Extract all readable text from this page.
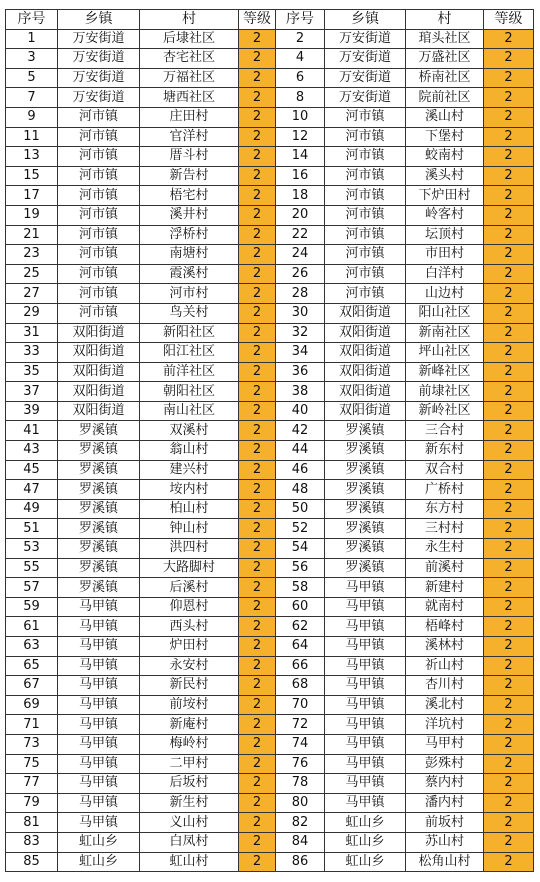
序号	乡镇	村	等级	序号	乡镇	村	等级
1	万安街道	后埭社区	2	2	万安街道	琯头社区	2
3	万安街道	杏宅社区	2	4	万安街道	万盛社区	2
5	万安街道	万福社区	2	6	万安街道	桥南社区	2
7	万安街道	塘西社区	2	8	万安街道	院前社区	2
9	河市镇	庄田村	2	10	河市镇	溪山村	2
11	河市镇	官洋村	2	12	河市镇	下堡村	2
13	河市镇	厝斗村	2	14	河市镇	蛟南村	2
15	河市镇	新告村	2	16	河市镇	溪头村	2
17	河市镇	梧宅村	2	18	河市镇	下炉田村	2
19	河市镇	溪井村	2	20	河市镇	岭客村	2
21	河市镇	浮桥村	2	22	河市镇	坛顶村	2
23	河市镇	南塘村	2	24	河市镇	市田村	2
25	河市镇	霞溪村	2	26	河市镇	白洋村	2
27	河市镇	河市村	2	28	河市镇	山边村	2
29	河市镇	鸟关村	2	30	双阳街道	阳山社区	2
31	双阳街道	新阳社区	2	32	双阳街道	新南社区	2
33	双阳街道	阳江社区	2	34	双阳街道	坪山社区	2
35	双阳街道	前洋社区	2	36	双阳街道	新峰社区	2
37	双阳街道	朝阳社区	2	38	双阳街道	前埭社区	2
39	双阳街道	南山社区	2	40	双阳街道	新岭社区	2
41	罗溪镇	双溪村	2	42	罗溪镇	三合村	2
43	罗溪镇	翁山村	2	44	罗溪镇	新东村	2
45	罗溪镇	建兴村	2	46	罗溪镇	双合村	2
47	罗溪镇	垵内村	2	48	罗溪镇	广桥村	2
49	罗溪镇	柏山村	2	50	罗溪镇	东方村	2
51	罗溪镇	钟山村	2	52	罗溪镇	三村村	2
53	罗溪镇	洪四村	2	54	罗溪镇	永生村	2
55	罗溪镇	大路脚村	2	56	罗溪镇	前溪村	2
57	罗溪镇	后溪村	2	58	马甲镇	新建村	2
59	马甲镇	仰恩村	2	60	马甲镇	就南村	2
61	马甲镇	西头村	2	62	马甲镇	梧峰村	2
63	马甲镇	炉田村	2	64	马甲镇	溪林村	2
65	马甲镇	永安村	2	66	马甲镇	祈山村	2
67	马甲镇	新民村	2	68	马甲镇	杏川村	2
69	马甲镇	前垵村	2	70	马甲镇	溪北村	2
71	马甲镇	新庵村	2	72	马甲镇	洋坑村	2
73	马甲镇	梅岭村	2	74	马甲镇	马甲村	2
75	马甲镇	二甲村	2	76	马甲镇	彭殊村	2
77	马甲镇	后坂村	2	78	马甲镇	蔡内村	2
79	马甲镇	新生村	2	80	马甲镇	潘内村	2
81	马甲镇	义山村	2	82	虹山乡	前坂村	2
83	虹山乡	白凤村	2	84	虹山乡	苏山村	2
85	虹山乡	虹山村	2	86	虹山乡	松角山村	2
